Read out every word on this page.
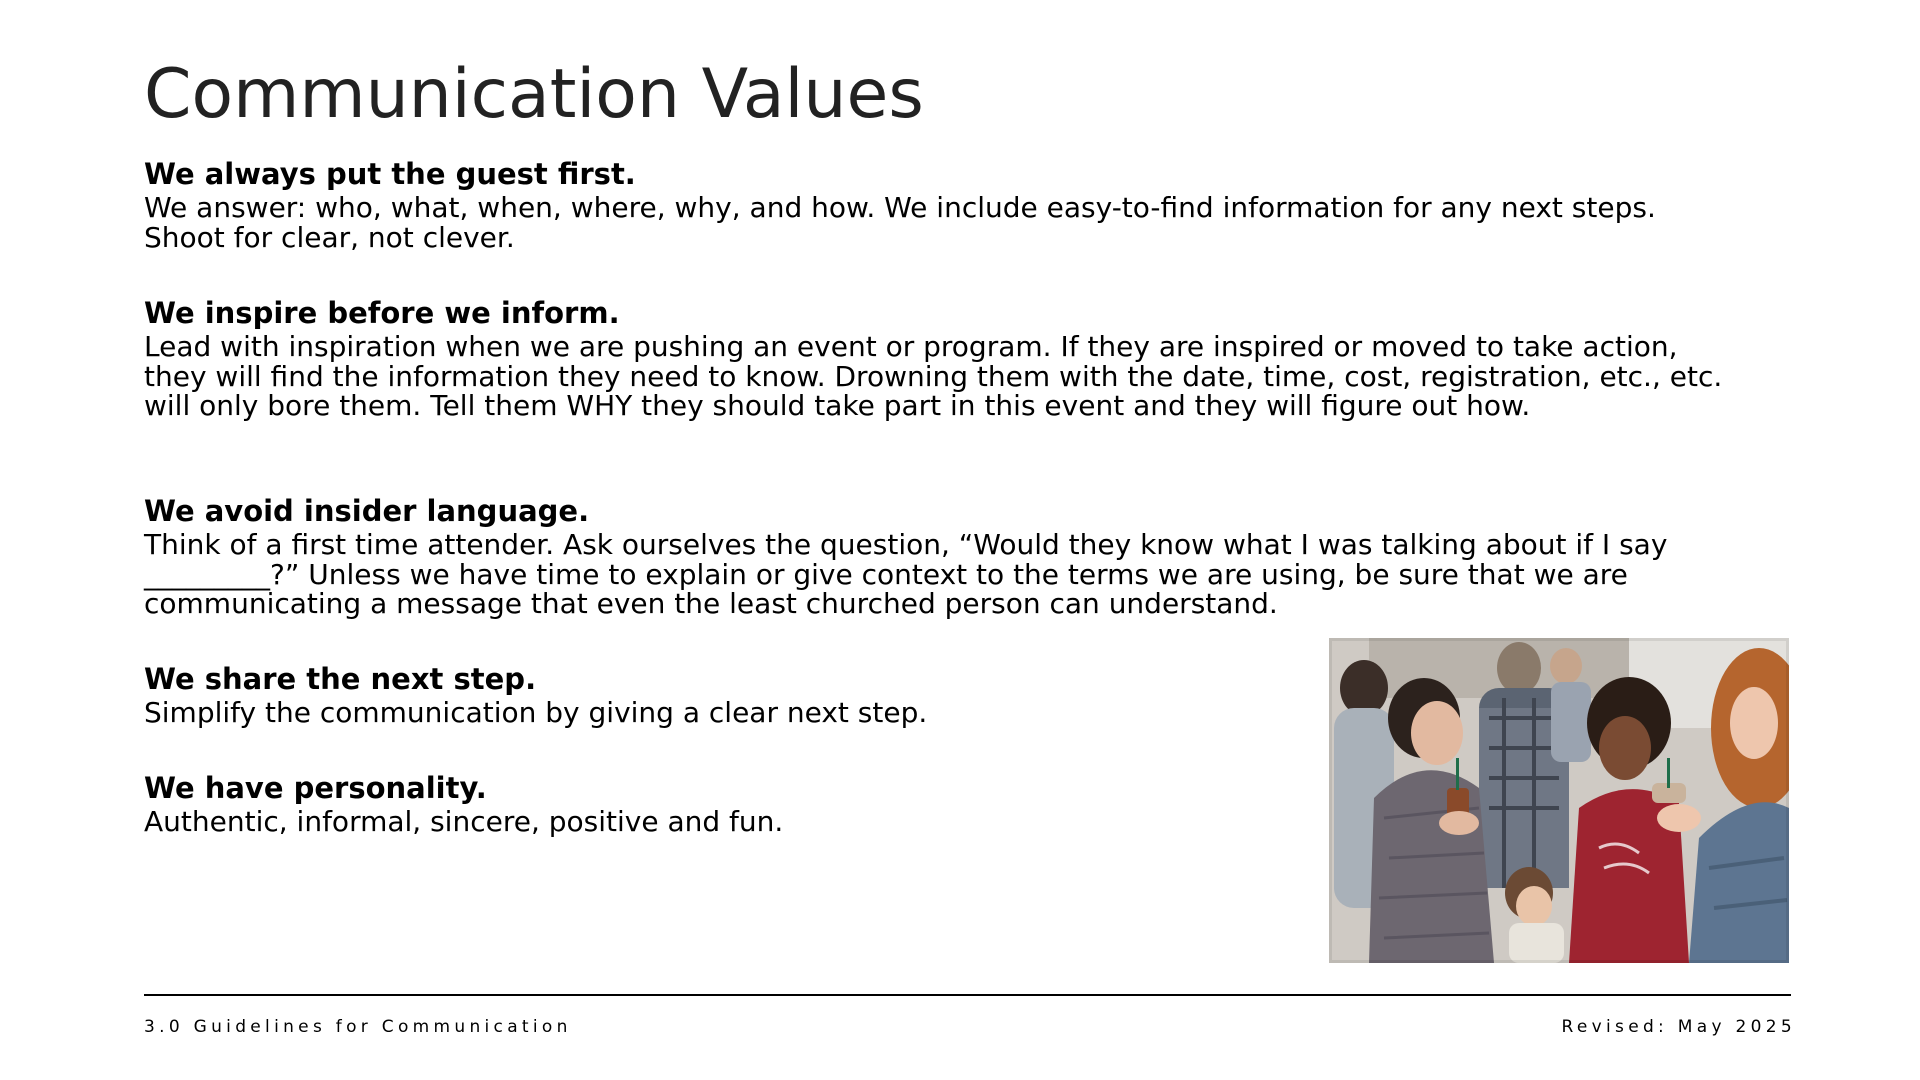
Communication Values
We always put the guest first.
We answer: who, what, when, where, why, and how. We include easy-to-find information for any next steps. Shoot for clear, not clever.
We inspire before we inform.
Lead with inspiration when we are pushing an event or program. If they are inspired or moved to take action, they will find the information they need to know. Drowning them with the date, time, cost, registration, etc., etc. will only bore them. Tell them WHY they should take part in this event and they will figure out how.
We avoid insider language.
Think of a first time attender. Ask ourselves the question, “Would they know what I was talking about if I say _________?” Unless we have time to explain or give context to the terms we are using, be sure that we are communicating a message that even the least churched person can understand.
We share the next step.
Simplify the communication by giving a clear next step.
We have personality.
Authentic, informal, sincere, positive and fun.
3.0 Guidelines for Communication	Revised: May 2025
